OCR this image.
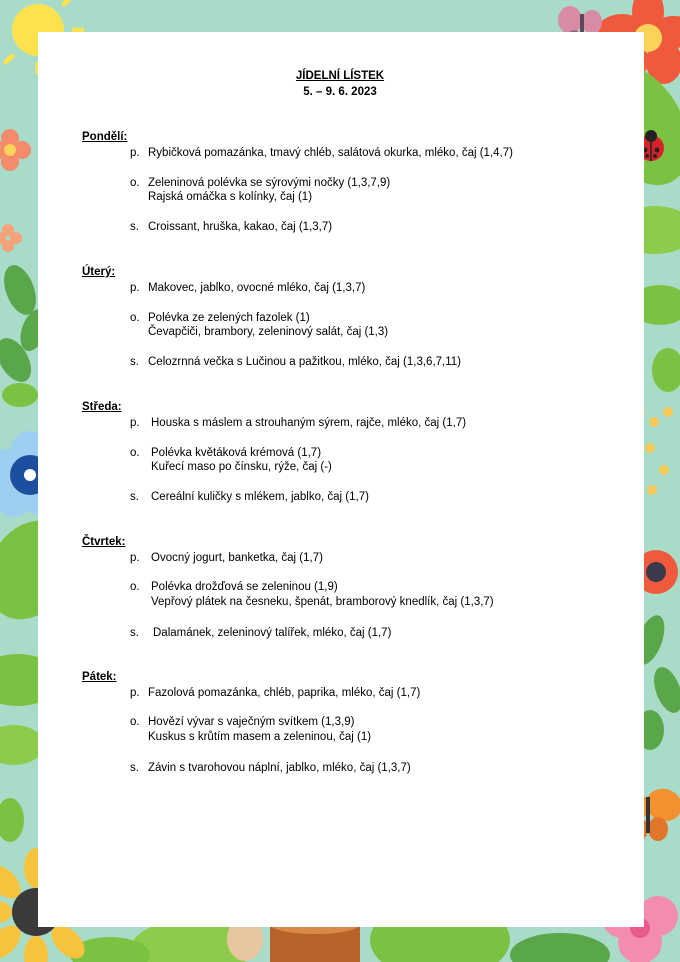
JÍDELNÍ LÍSTEK
5. – 9. 6. 2023
Pondělí:
p. Rybičková pomazánka, tmavý chléb, salátová okurka, mléko, čaj (1,4,7)
o. Zeleninová polévka se sýrovými nočky (1,3,7,9)
Rajská omáčka s kolínky, čaj (1)
s. Croissant, hruška, kakao, čaj (1,3,7)
Úterý:
p. Makovec, jablko, ovocné mléko, čaj (1,3,7)
o. Polévka ze zelených fazolek (1)
Čevapčiči, brambory, zeleninový salát, čaj (1,3)
s. Celozrnná večka s Lučinou a pažitkou, mléko, čaj (1,3,6,7,11)
Středa:
p. Houska s máslem a strouhaným sýrem, rajče, mléko, čaj (1,7)
o. Polévka květáková krémová (1,7)
Kuřecí maso po čínsku, rýže, čaj (-)
s. Cereální kuličky s mlékem, jablko, čaj (1,7)
Čtvrtek:
p. Ovocný jogurt, banketka, čaj (1,7)
o. Polévka drožďová se zeleninou (1,9)
Vepřový plátek na česneku, špenát, bramborový knedlík, čaj (1,3,7)
s. Dalamánek, zeleninový talířek, mléko, čaj (1,7)
Pátek:
p. Fazolová pomazánka, chléb, paprika, mléko, čaj (1,7)
o. Hovězí vývar s vaječným svítkem (1,3,9)
Kuskus s krůtím masem a zeleninou, čaj (1)
s. Závin s tvarohovou náplní, jablko, mléko, čaj (1,3,7)
